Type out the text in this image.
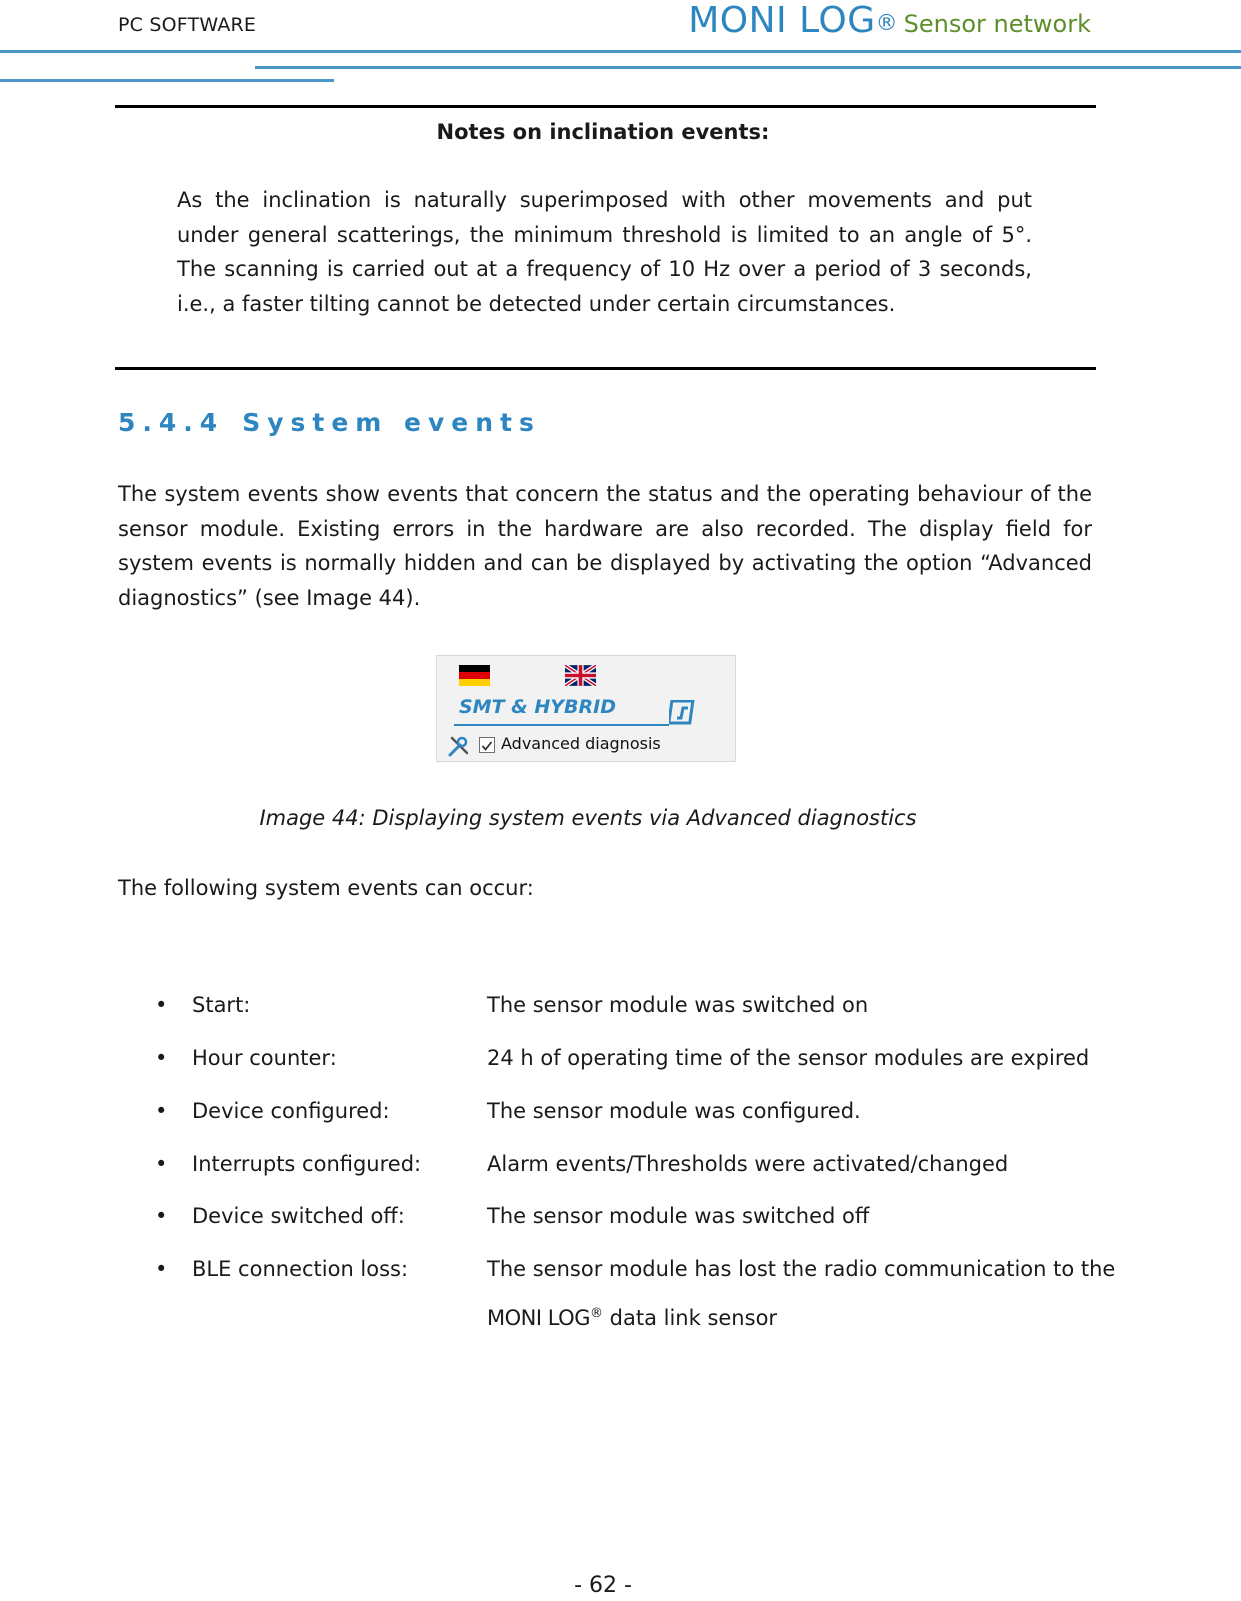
PC SOFTWARE	MONI LOG® Sensor network
Notes on inclination events:
As the inclination is naturally superimposed with other movements and put under general scatterings, the minimum threshold is limited to an angle of 5°. The scanning is carried out at a frequency of 10 Hz over a period of 3 seconds, i.e., a faster tilting cannot be detected under certain circumstances.
5.4.4 System events
The system events show events that concern the status and the operating behaviour of the sensor module. Existing errors in the hardware are also recorded. The display field for system events is normally hidden and can be displayed by activating the option “Advanced diagnostics” (see Image 44).
SMT & HYBRID
Advanced diagnosis
Image 44: Displaying system events via Advanced diagnostics
The following system events can occur:
• Start:	The sensor module was switched on
• Hour counter:	24 h of operating time of the sensor modules are expired
• Device configured:	The sensor module was configured.
• Interrupts configured:	Alarm events/Thresholds were activated/changed
• Device switched off:	The sensor module was switched off
• BLE connection loss:	The sensor module has lost the radio communication to the
MONI LOG® data link sensor
- 62 -
